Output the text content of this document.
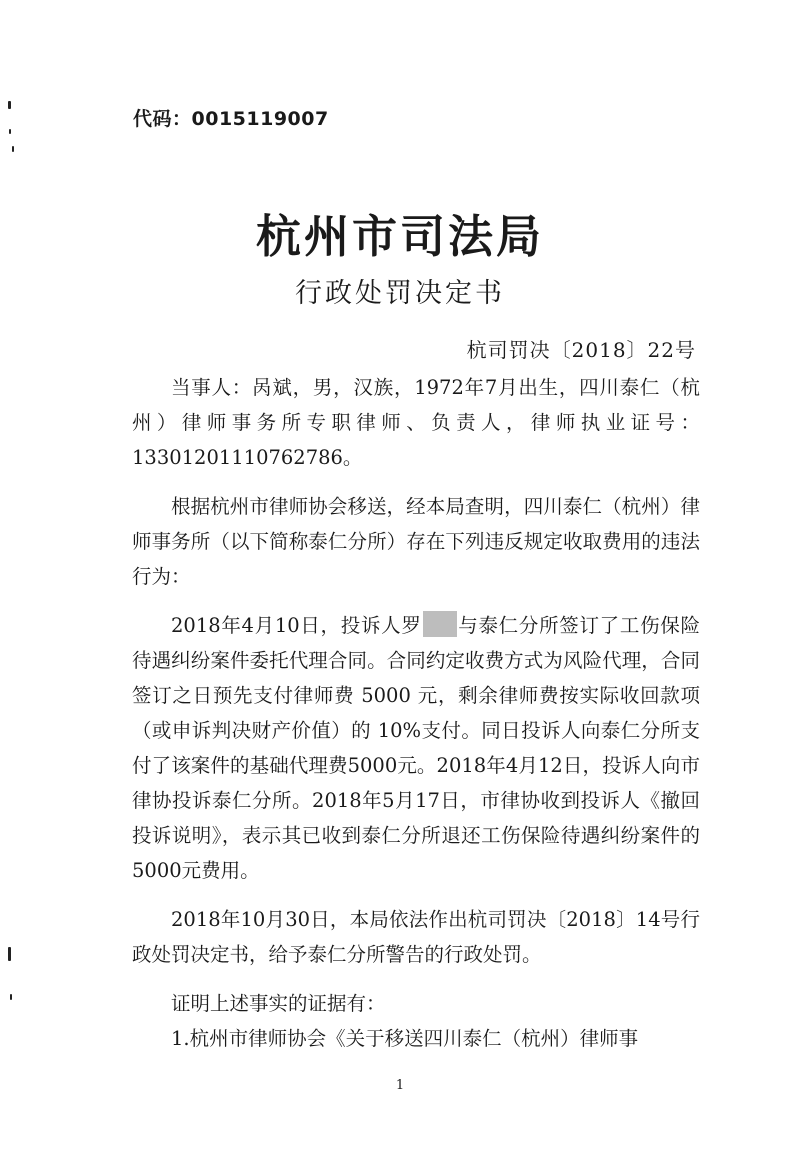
代码：0015119007
杭州市司法局
行政处罚决定书
杭司罚决〔2018〕22号

当事人：呙斌，男，汉族，1972年7月出生，四川泰仁（杭州）律师事务所专职律师、负责人，律师执业证号：13301201110762786。

根据杭州市律师协会移送，经本局查明，四川泰仁（杭州）律师事务所（以下简称泰仁分所）存在下列违反规定收取费用的违法行为：

2018年4月10日，投诉人罗 与泰仁分所签订了工伤保险待遇纠纷案件委托代理合同。合同约定收费方式为风险代理，合同签订之日预先支付律师费 5000 元，剩余律师费按实际收回款项（或申诉判决财产价值）的 10%支付。同日投诉人向泰仁分所支付了该案件的基础代理费5000元。2018年4月12日，投诉人向市律协投诉泰仁分所。2018年5月17日，市律协收到投诉人《撤回投诉说明》，表示其已收到泰仁分所退还工伤保险待遇纠纷案件的5000元费用。

2018年10月30日，本局依法作出杭司罚决〔2018〕14号行政处罚决定书，给予泰仁分所警告的行政处罚。

证明上述事实的证据有：

1.杭州市律师协会《关于移送四川泰仁（杭州）律师事

1
